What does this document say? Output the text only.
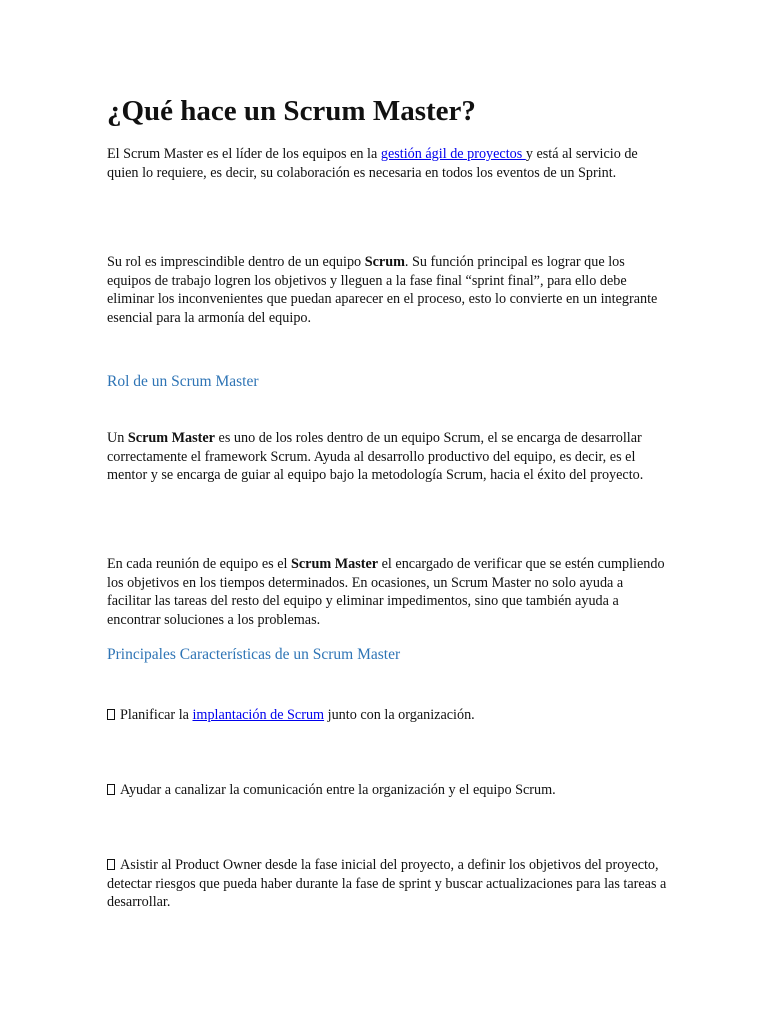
¿Qué hace un Scrum Master?

El Scrum Master es el líder de los equipos en la gestión ágil de proyectos y está al servicio de quien lo requiere, es decir, su colaboración es necesaria en todos los eventos de un Sprint.

Su rol es imprescindible dentro de un equipo Scrum. Su función principal es lograr que los equipos de trabajo logren los objetivos y lleguen a la fase final “sprint final”, para ello debe eliminar los inconvenientes que puedan aparecer en el proceso, esto lo convierte en un integrante esencial para la armonía del equipo.

Rol de un Scrum Master

Un Scrum Master es uno de los roles dentro de un equipo Scrum, el se encarga de desarrollar correctamente el framework Scrum. Ayuda al desarrollo productivo del equipo, es decir, es el mentor y se encarga de guiar al equipo bajo la metodología Scrum, hacia el éxito del proyecto.

En cada reunión de equipo es el Scrum Master el encargado de verificar que se estén cumpliendo los objetivos en los tiempos determinados. En ocasiones, un Scrum Master no solo ayuda a facilitar las tareas del resto del equipo y eliminar impedimentos, sino que también ayuda a encontrar soluciones a los problemas.

Principales Características de un Scrum Master

Planificar la implantación de Scrum junto con la organización.

Ayudar a canalizar la comunicación entre la organización y el equipo Scrum.

Asistir al Product Owner desde la fase inicial del proyecto, a definir los objetivos del proyecto, detectar riesgos que pueda haber durante la fase de sprint y buscar actualizaciones para las tareas a desarrollar.
